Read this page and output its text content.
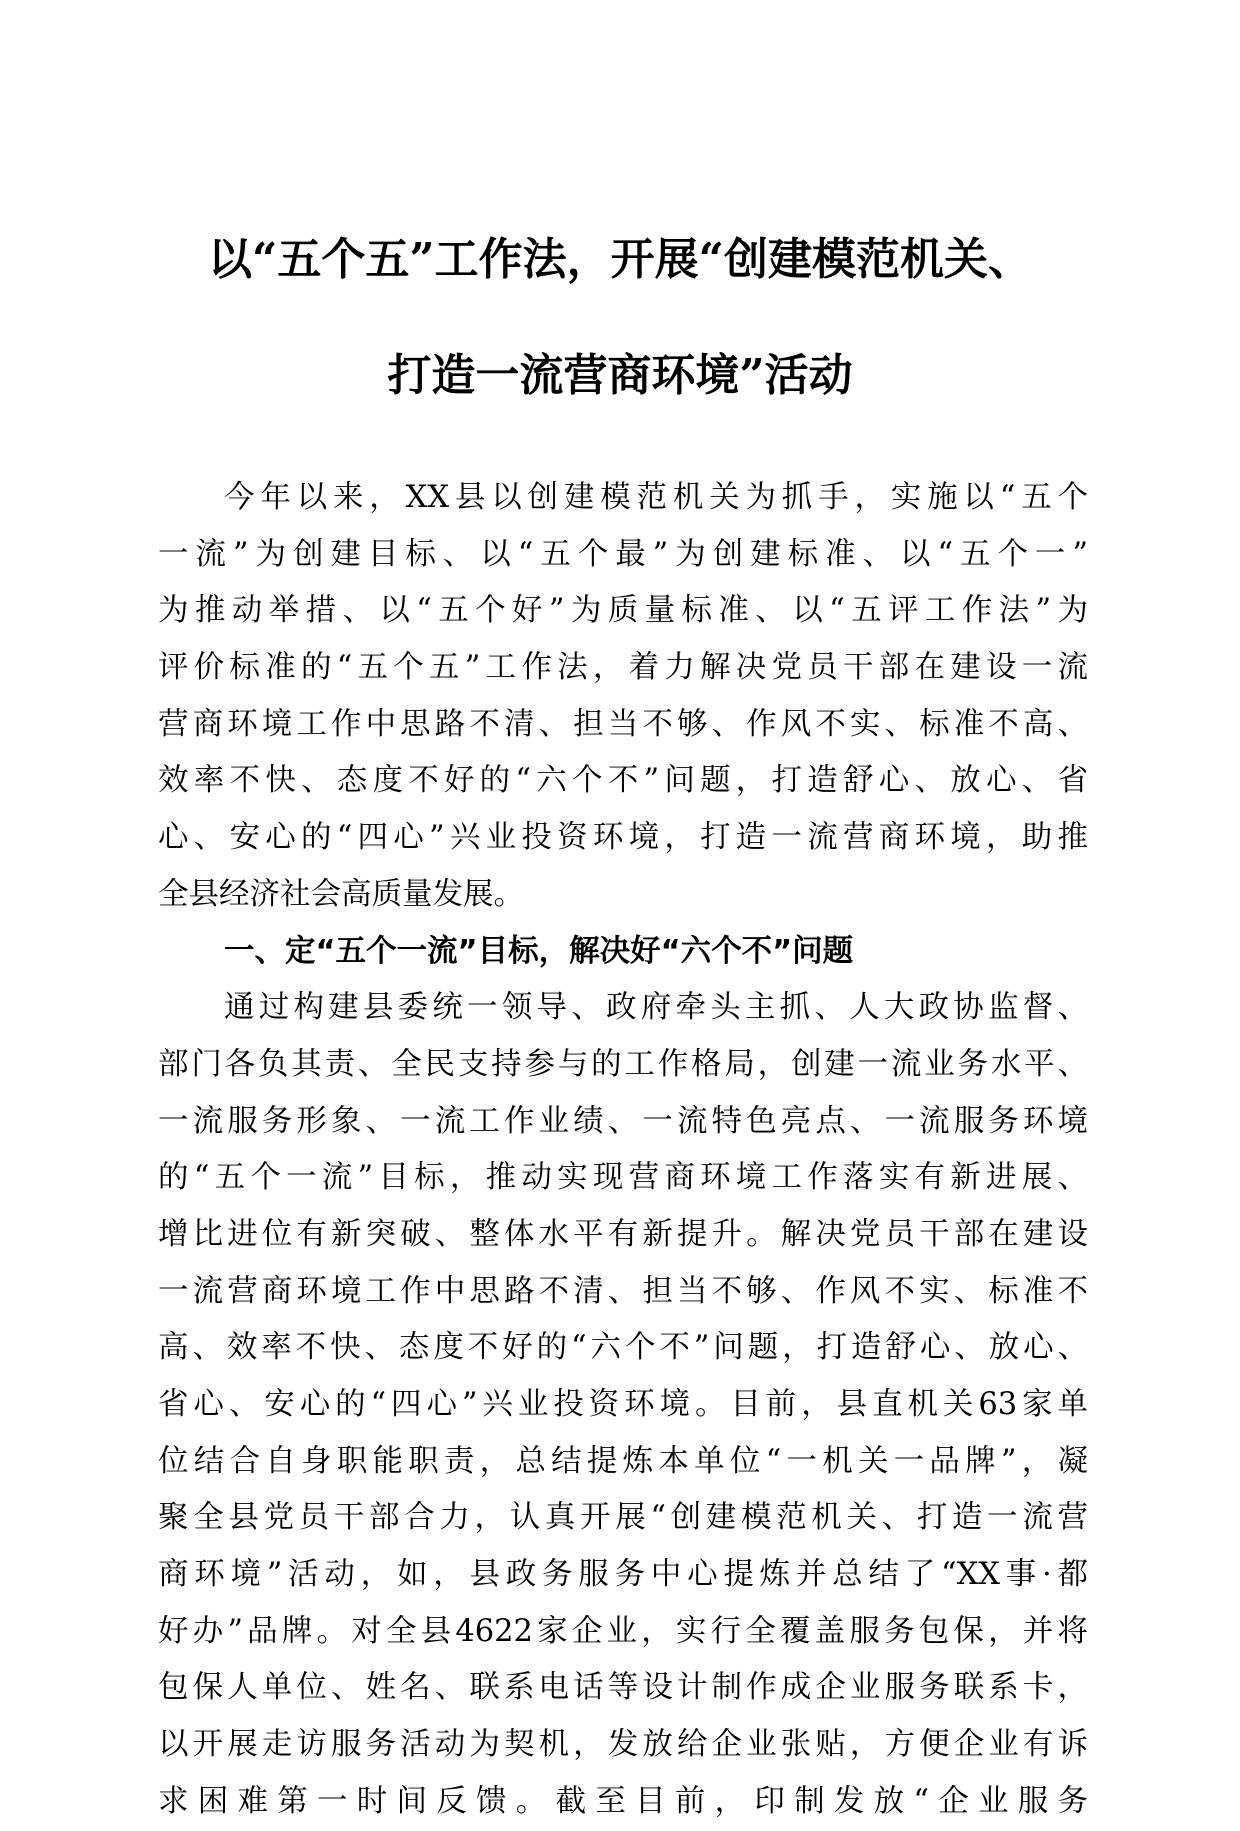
以“五个五”工作法，开展“创建模范机关、
打造一流营商环境”活动
今年以来，XX县以创建模范机关为抓手，实施以“五个
一流”为创建目标、以“五个最”为创建标准、以“五个一”
为推动举措、以“五个好”为质量标准、以“五评工作法”为
评价标准的“五个五”工作法，着力解决党员干部在建设一流
营商环境工作中思路不清、担当不够、作风不实、标准不高、
效率不快、态度不好的“六个不”问题，打造舒心、放心、省
心、安心的“四心”兴业投资环境，打造一流营商环境，助推
全县经济社会高质量发展。
一、定“五个一流”目标，解决好“六个不”问题
通过构建县委统一领导、政府牵头主抓、人大政协监督、
部门各负其责、全民支持参与的工作格局，创建一流业务水平、
一流服务形象、一流工作业绩、一流特色亮点、一流服务环境
的“五个一流”目标，推动实现营商环境工作落实有新进展、
增比进位有新突破、整体水平有新提升。解决党员干部在建设
一流营商环境工作中思路不清、担当不够、作风不实、标准不
高、效率不快、态度不好的“六个不”问题，打造舒心、放心、
省心、安心的“四心”兴业投资环境。目前，县直机关63家单
位结合自身职能职责，总结提炼本单位“一机关一品牌”，凝
聚全县党员干部合力，认真开展“创建模范机关、打造一流营
商环境”活动，如，县政务服务中心提炼并总结了“XX事·都
好办”品牌。对全县4622家企业，实行全覆盖服务包保，并将
包保人单位、姓名、联系电话等设计制作成企业服务联系卡，
以开展走访服务活动为契机，发放给企业张贴，方便企业有诉
求困难第一时间反馈。截至目前，印制发放“企业服务
